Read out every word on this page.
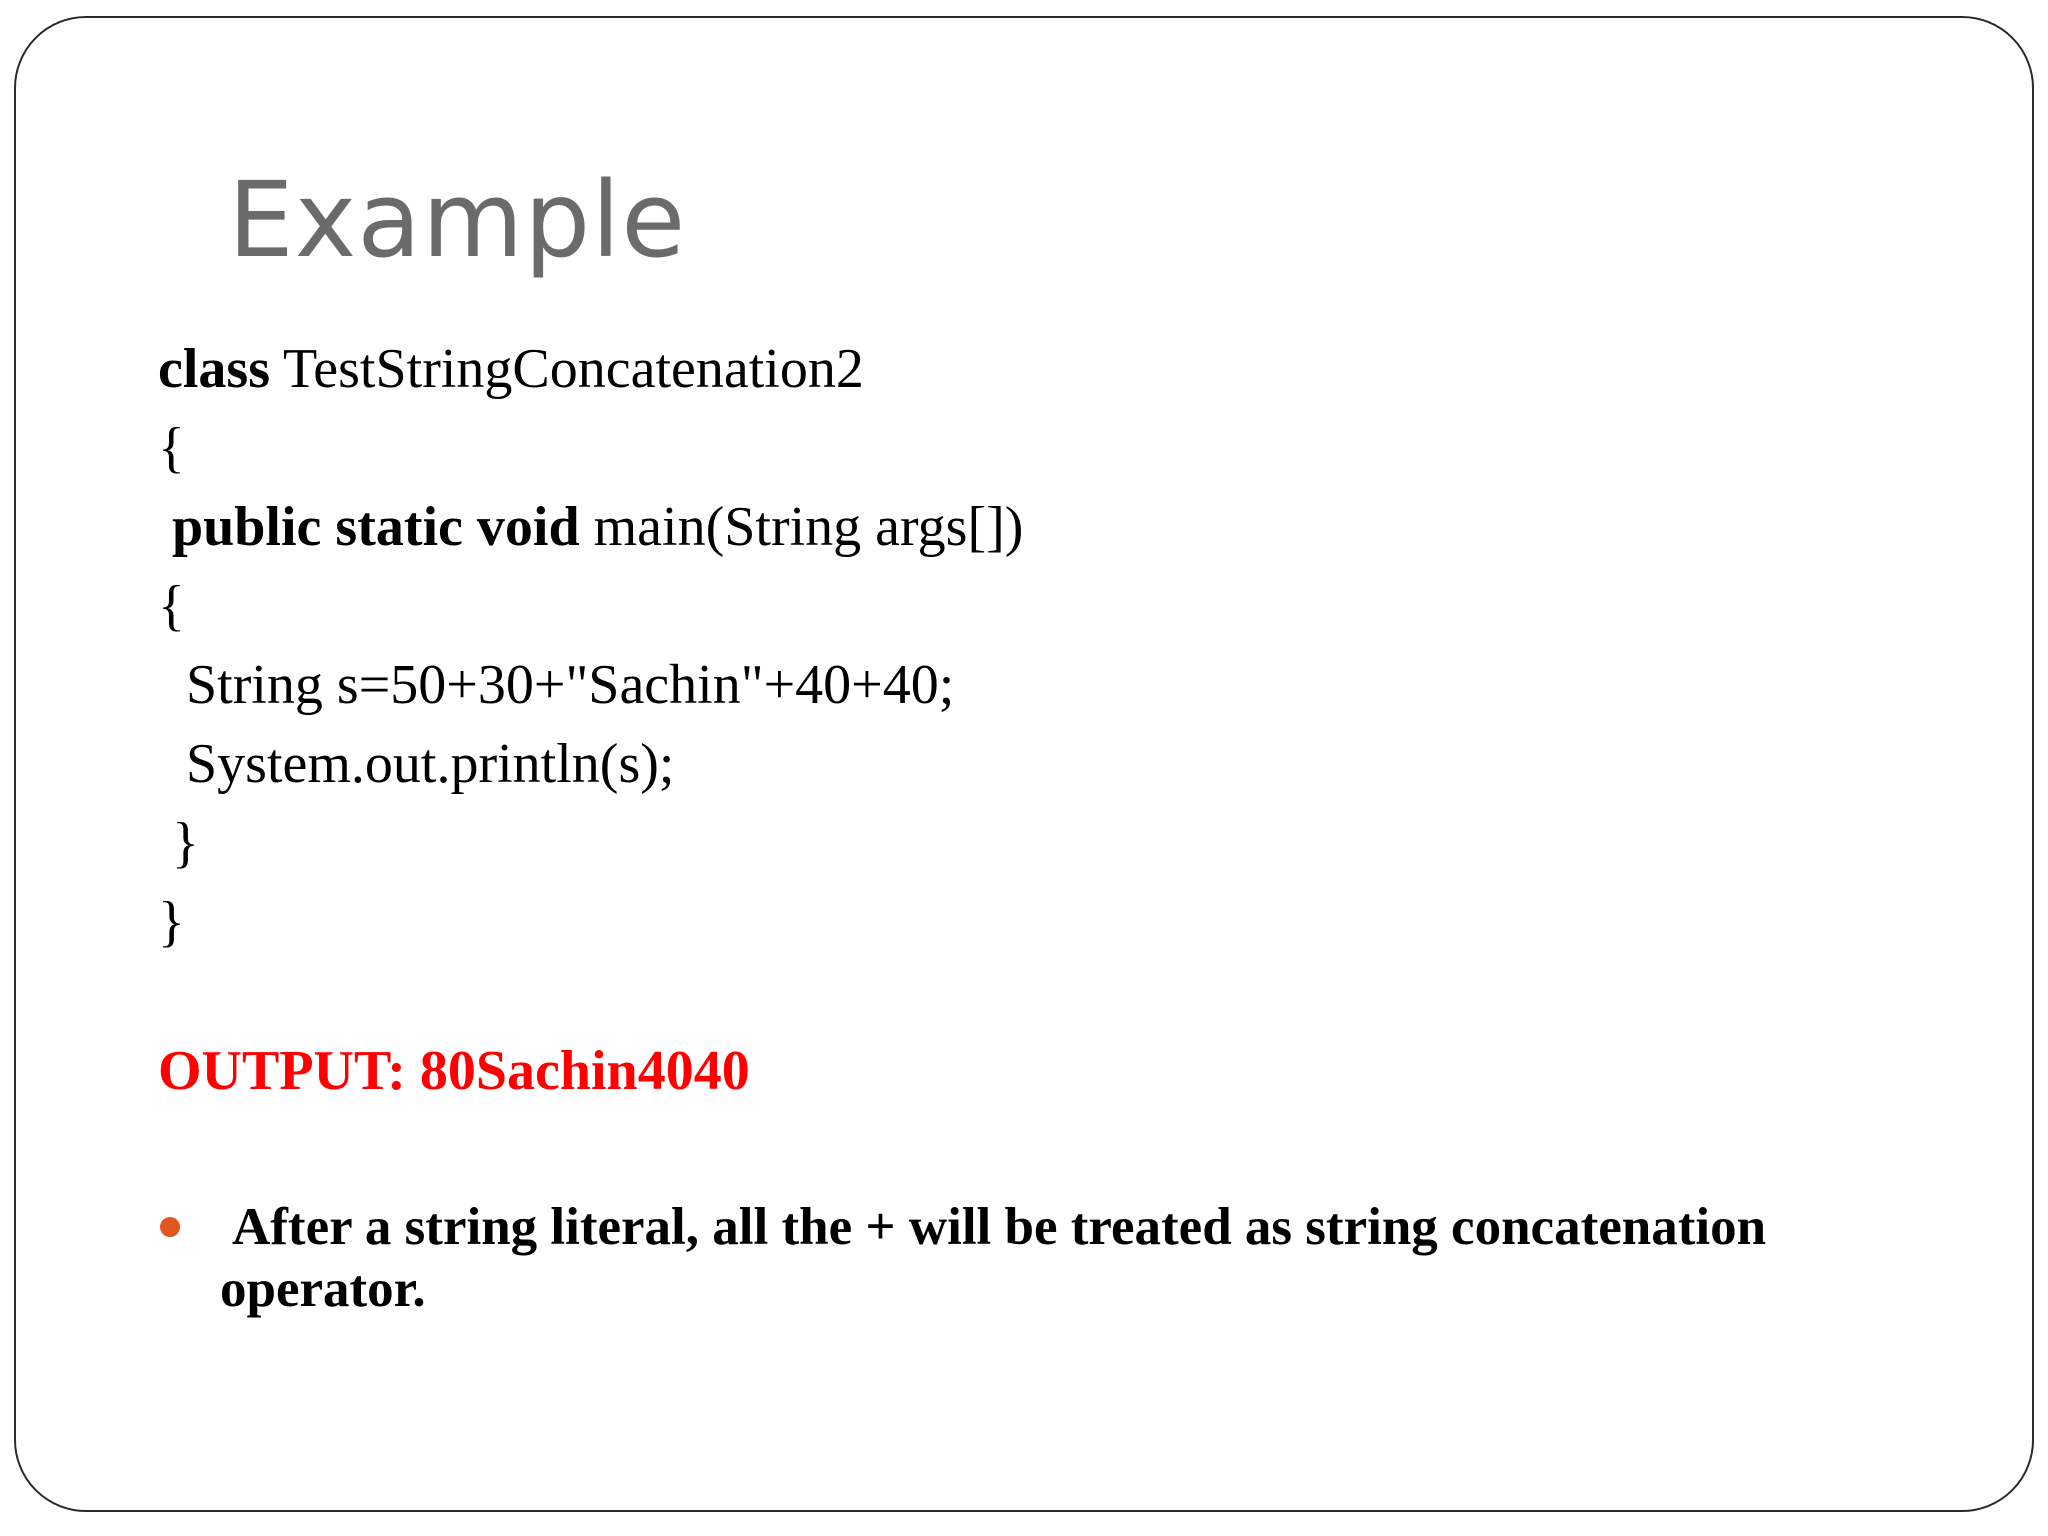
Example
class TestStringConcatenation2
{
public static void main(String args[])
{
String s=50+30+"Sachin"+40+40;
System.out.println(s);
}
}
OUTPUT: 80Sachin4040
After a string literal, all the + will be treated as string concatenation operator.
